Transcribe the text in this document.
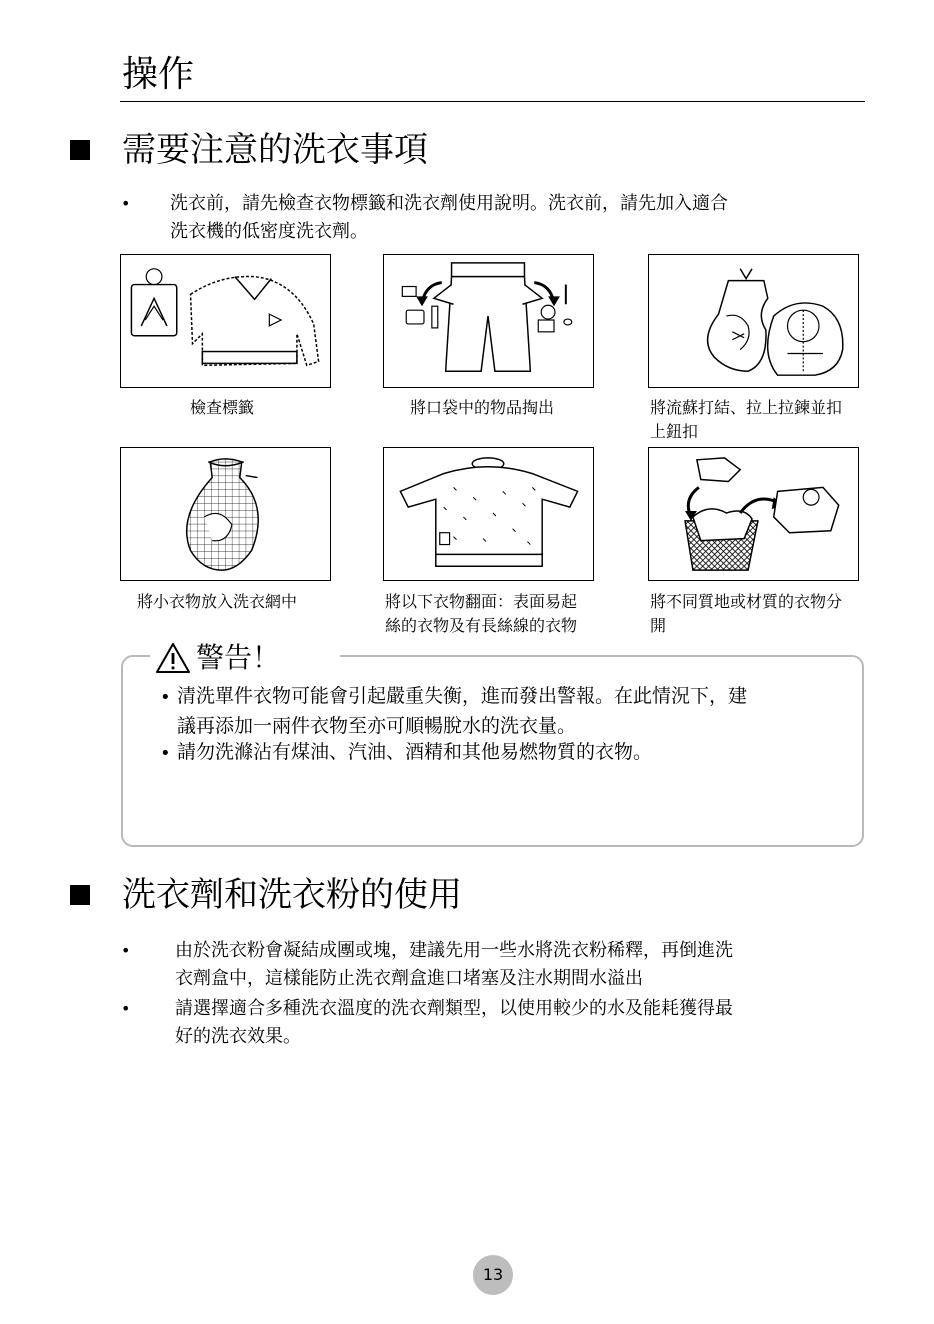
操作
需要注意的洗衣事項
• 洗衣前，請先檢查衣物標籤和洗衣劑使用說明。洗衣前，請先加入適合
洗衣機的低密度洗衣劑。
檢查標籤	將口袋中的物品掏出	將流蘇打結、拉上拉鍊並扣
上鈕扣
將小衣物放入洗衣網中	將以下衣物翻面：表面易起
絲的衣物及有長絲線的衣物
將不同質地或材質的衣物分
開
警告！
• 清洗單件衣物可能會引起嚴重失衡，進而發出警報。在此情況下，建
議再添加一兩件衣物至亦可順暢脫水的洗衣量。
• 請勿洗滌沾有煤油、汽油、酒精和其他易燃物質的衣物。
洗衣劑和洗衣粉的使用
• 由於洗衣粉會凝結成團或塊，建議先用一些水將洗衣粉稀釋，再倒進洗
衣劑盒中，這樣能防止洗衣劑盒進口堵塞及注水期間水溢出
• 請選擇適合多種洗衣溫度的洗衣劑類型，以使用較少的水及能耗獲得最
好的洗衣效果。
13
